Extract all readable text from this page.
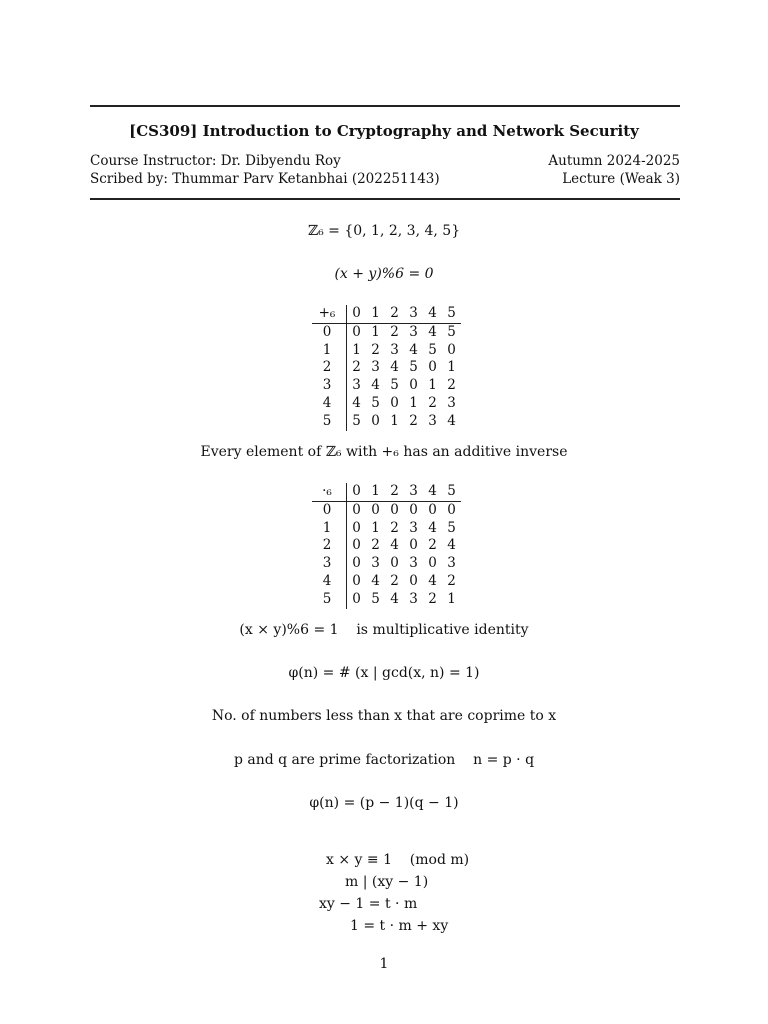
[CS309] Introduction to Cryptography and Network Security
Course Instructor: Dr. Dibyendu Roy	Autumn 2024-2025
Scribed by: Thummar Parv Ketanbhai (202251143)	Lecture (Weak 3)
ℤ₆ = {0, 1, 2, 3, 4, 5}
(x + y)%6 = 0
+₆	0	1	2	3	4	5
0	0	1	2	3	4	5
1	1	2	3	4	5	0
2	2	3	4	5	0	1
3	3	4	5	0	1	2
4	4	5	0	1	2	3
5	5	0	1	2	3	4
Every element of ℤ₆ with +₆ has an additive inverse
·₆	0	1	2	3	4	5
0	0	0	0	0	0	0
1	0	1	2	3	4	5
2	0	2	4	0	2	4
3	0	3	0	3	0	3
4	0	4	2	0	4	2
5	0	5	4	3	2	1
(x × y)%6 = 1    is multiplicative identity
φ(n) = # (x | gcd(x, n) = 1)
No. of numbers less than x that are coprime to x
p and q are prime factorization    n = p · q
φ(n) = (p − 1)(q − 1)
x × y ≡ 1    (mod m)
m | (xy − 1)
xy − 1 = t · m
1 = t · m + xy
1
